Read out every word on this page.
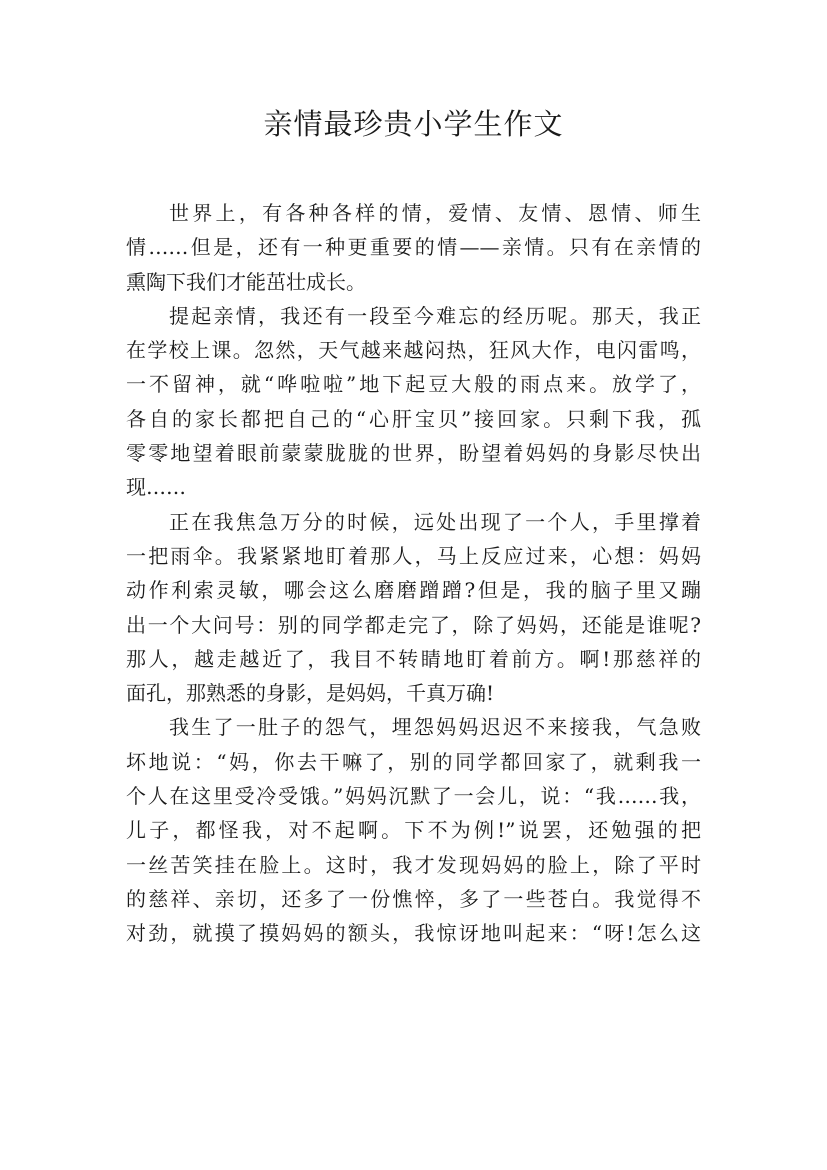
亲情最珍贵小学生作文
世界上，有各种各样的情，爱情、友情、恩情、师生
情……但是，还有一种更重要的情——亲情。只有在亲情的
熏陶下我们才能茁壮成长。
提起亲情，我还有一段至今难忘的经历呢。那天，我正
在学校上课。忽然，天气越来越闷热，狂风大作，电闪雷鸣，
一不留神，就“哗啦啦”地下起豆大般的雨点来。放学了，
各自的家长都把自己的“心肝宝贝”接回家。只剩下我，孤
零零地望着眼前蒙蒙胧胧的世界，盼望着妈妈的身影尽快出
现……
正在我焦急万分的时候，远处出现了一个人，手里撑着
一把雨伞。我紧紧地盯着那人，马上反应过来，心想：妈妈
动作利索灵敏，哪会这么磨磨蹭蹭?但是，我的脑子里又蹦
出一个大问号：别的同学都走完了，除了妈妈，还能是谁呢?
那人，越走越近了，我目不转睛地盯着前方。啊!那慈祥的
面孔，那熟悉的身影，是妈妈，千真万确!
我生了一肚子的怨气，埋怨妈妈迟迟不来接我，气急败
坏地说：“妈，你去干嘛了，别的同学都回家了，就剩我一
个人在这里受冷受饿。”妈妈沉默了一会儿，说：“我……我，
儿子，都怪我，对不起啊。下不为例!”说罢，还勉强的把
一丝苦笑挂在脸上。这时，我才发现妈妈的脸上，除了平时
的慈祥、亲切，还多了一份憔悴，多了一些苍白。我觉得不
对劲，就摸了摸妈妈的额头，我惊讶地叫起来：“呀!怎么这
